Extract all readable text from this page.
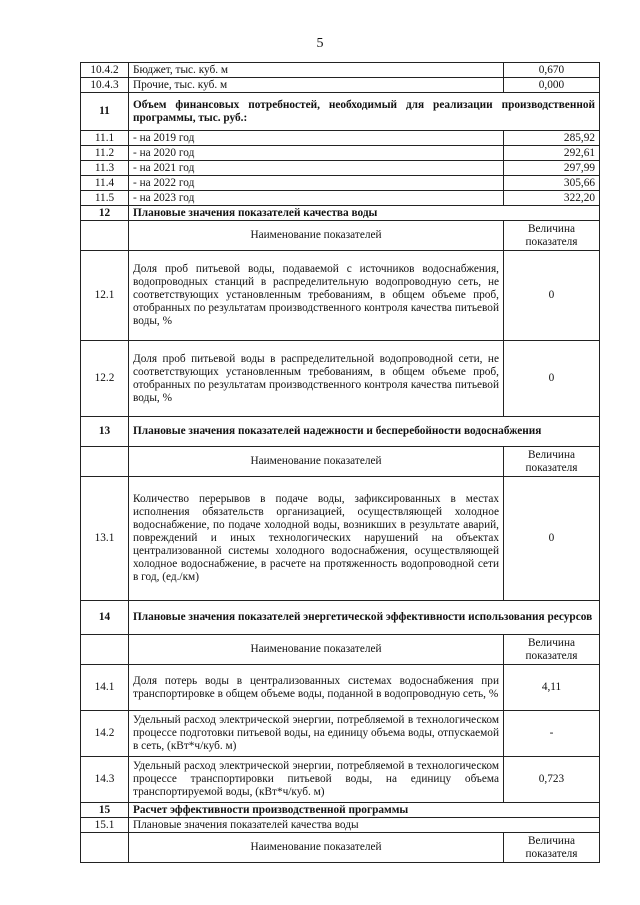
5
10.4.2	Бюджет, тыс. куб. м	0,670
10.4.3	Прочие, тыс. куб. м	0,000
11	Объем финансовых потребностей, необходимый для реализации производственной программы, тыс. руб.:	
11.1	- на 2019 год	285,92
11.2	- на 2020 год	292,61
11.3	- на 2021 год	297,99
11.4	- на 2022 год	305,66
11.5	- на 2023 год	322,20
12	Плановые значения показателей качества воды	
	Наименование показателей	Величина показателя
12.1	Доля проб питьевой воды, подаваемой с источников водоснабжения, водопроводных станций в распределительную водопроводную сеть, не соответствующих установленным требованиям, в общем объеме проб, отобранных по результатам производственного контроля качества питьевой воды, %	0
12.2	Доля проб питьевой воды в распределительной водопроводной сети, не соответствующих установленным требованиям, в общем объеме проб, отобранных по результатам производственного контроля качества питьевой воды, %	0
13	Плановые значения показателей надежности и бесперебойности водоснабжения	
	Наименование показателей	Величина показателя
13.1	Количество перерывов в подаче воды, зафиксированных в местах исполнения обязательств организацией, осуществляющей холодное водоснабжение, по подаче холодной воды, возникших в результате аварий, повреждений и иных технологических нарушений на объектах централизованной системы холодного водоснабжения, осуществляющей холодное водоснабжение, в расчете на протяженность водопроводной сети в год, (ед./км)	0
14	Плановые значения показателей энергетической эффективности использования ресурсов	
	Наименование показателей	Величина показателя
14.1	Доля потерь воды в централизованных системах водоснабжения при транспортировке в общем объеме воды, поданной в водопроводную сеть, %	4,11
14.2	Удельный расход электрической энергии, потребляемой в технологическом процессе подготовки питьевой воды, на единицу объема воды, отпускаемой в сеть, (кВт*ч/куб. м)	-
14.3	Удельный расход электрической энергии, потребляемой в технологическом процессе транспортировки питьевой воды, на единицу объема транспортируемой воды, (кВт*ч/куб. м)	0,723
15	Расчет эффективности производственной программы	
15.1	Плановые значения показателей качества воды	
	Наименование показателей	Величина показателя
